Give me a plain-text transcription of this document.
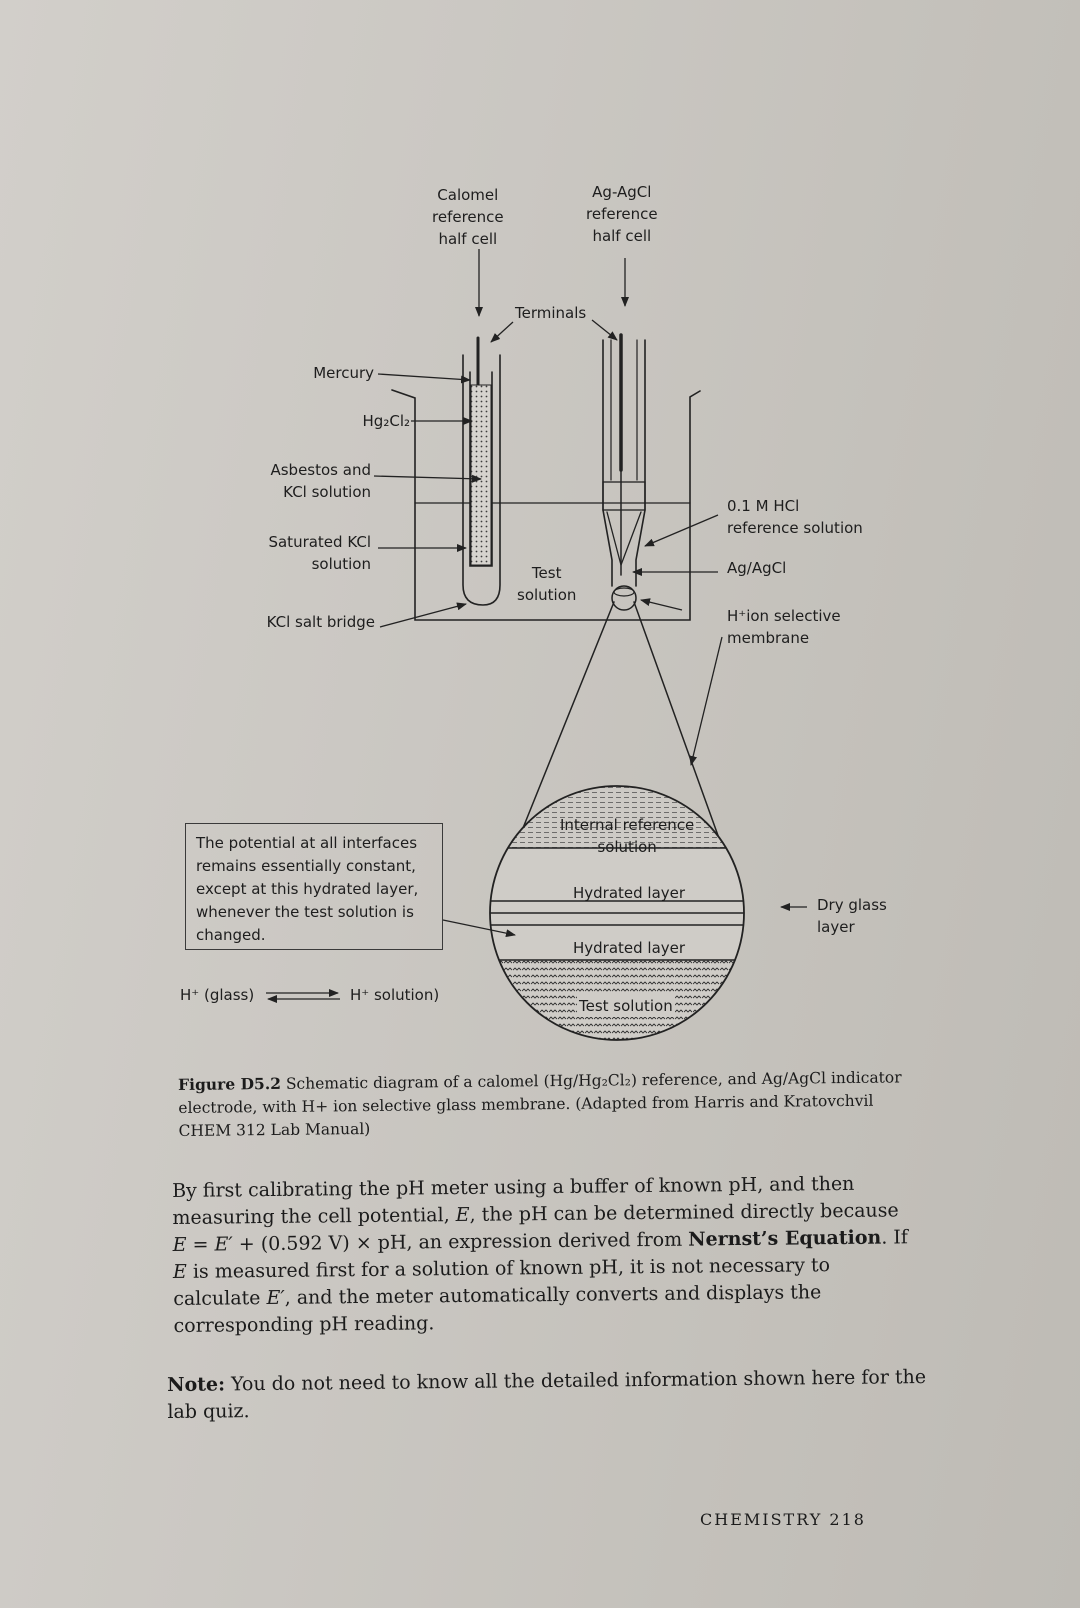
Calomel
reference
half cell
Ag-AgCl
reference
half cell
Terminals
Mercury
Hg₂Cl₂
Asbestos and
KCl solution
Saturated KCl
solution
KCl salt bridge
Test
solution
0.1 M HCl
reference solution
Ag/AgCl
H⁺ion selective
membrane
Internal reference
solution
Hydrated layer
Hydrated layer
Dry glass
layer
Test solution
H⁺ (glass)	H⁺ solution)
The potential at all interfaces
remains essentially constant,
except at this hydrated layer,
whenever the test solution is
changed.
Figure D5.2 Schematic diagram of a calomel (Hg/Hg₂Cl₂) reference, and Ag/AgCl indicator electrode, with H+ ion selective glass membrane. (Adapted from Harris and Kratovchvil CHEM 312 Lab Manual)
By first calibrating the pH meter using a buffer of known pH, and then measuring the cell potential, E, the pH can be determined directly because E = E′ + (0.592 V) × pH, an expression derived from Nernst’s Equation. If E is measured first for a solution of known pH, it is not necessary to calculate E′, and the meter automatically converts and displays the corresponding pH reading.
Note: You do not need to know all the detailed information shown here for the lab quiz.
CHEMISTRY 218
